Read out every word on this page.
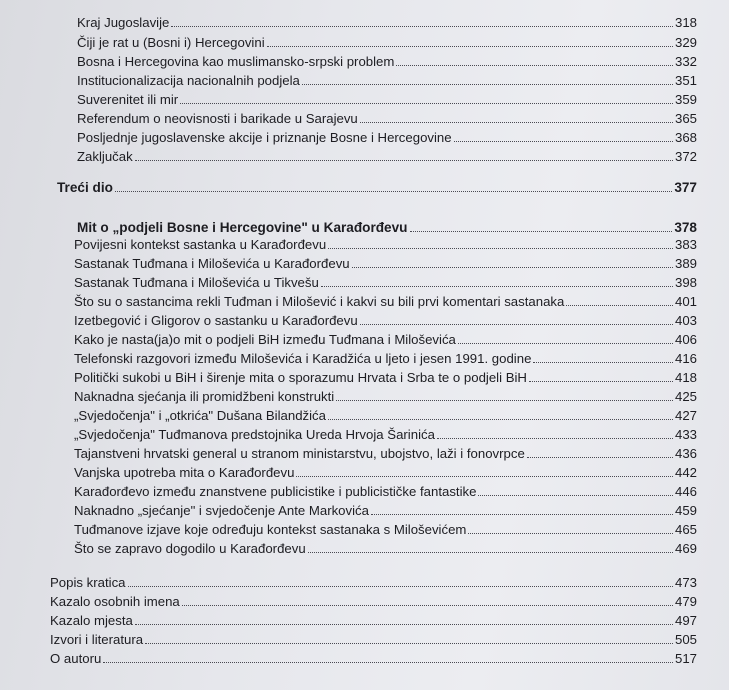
Kraj Jugoslavije	318
Čiji je rat u (Bosni i) Hercegovini	329
Bosna i Hercegovina kao muslimansko-srpski problem	332
Institucionalizacija nacionalnih podjela	351
Suverenitet ili mir	359
Referendum o neovisnosti i barikade u Sarajevu	365
Posljednje jugoslavenske akcije i priznanje Bosne i Hercegovine	368
Zaključak	372
Treći dio	377
Mit o „podjeli Bosne i Hercegovine" u Karađorđevu	378
Povijesni kontekst sastanka u Karađorđevu	383
Sastanak Tuđmana i Miloševića u Karađorđevu	389
Sastanak Tuđmana i Miloševića u Tikvešu	398
Što su o sastancima rekli Tuđman i Milošević i kakvi su bili prvi komentari sastanaka	401
Izetbegović i Gligorov o sastanku u Karađorđevu	403
Kako je nasta(ja)o mit o podjeli BiH između Tuđmana i Miloševića	406
Telefonski razgovori između Miloševića i Karadžića u ljeto i jesen 1991. godine	416
Politički sukobi u BiH i širenje mita o sporazumu Hrvata i Srba te o podjeli BiH	418
Naknadna sjećanja ili promidžbeni konstrukti	425
„Svjedočenja" i „otkrića" Dušana Bilandžića	427
„Svjedočenja" Tuđmanova predstojnika Ureda Hrvoja Šarinića	433
Tajanstveni hrvatski general u stranom ministarstvu, ubojstvo, laži i fonovrpce	436
Vanjska upotreba mita o Karađorđevu	442
Karađorđevo između znanstvene publicistike i publicističke fantastike	446
Naknadno „sjećanje" i svjedočenje Ante Markovića	459
Tuđmanove izjave koje određuju kontekst sastanaka s Miloševićem	465
Što se zapravo dogodilo u Karađorđevu	469
Popis kratica	473
Kazalo osobnih imena	479
Kazalo mjesta	497
Izvori i literatura	505
O autoru	517
